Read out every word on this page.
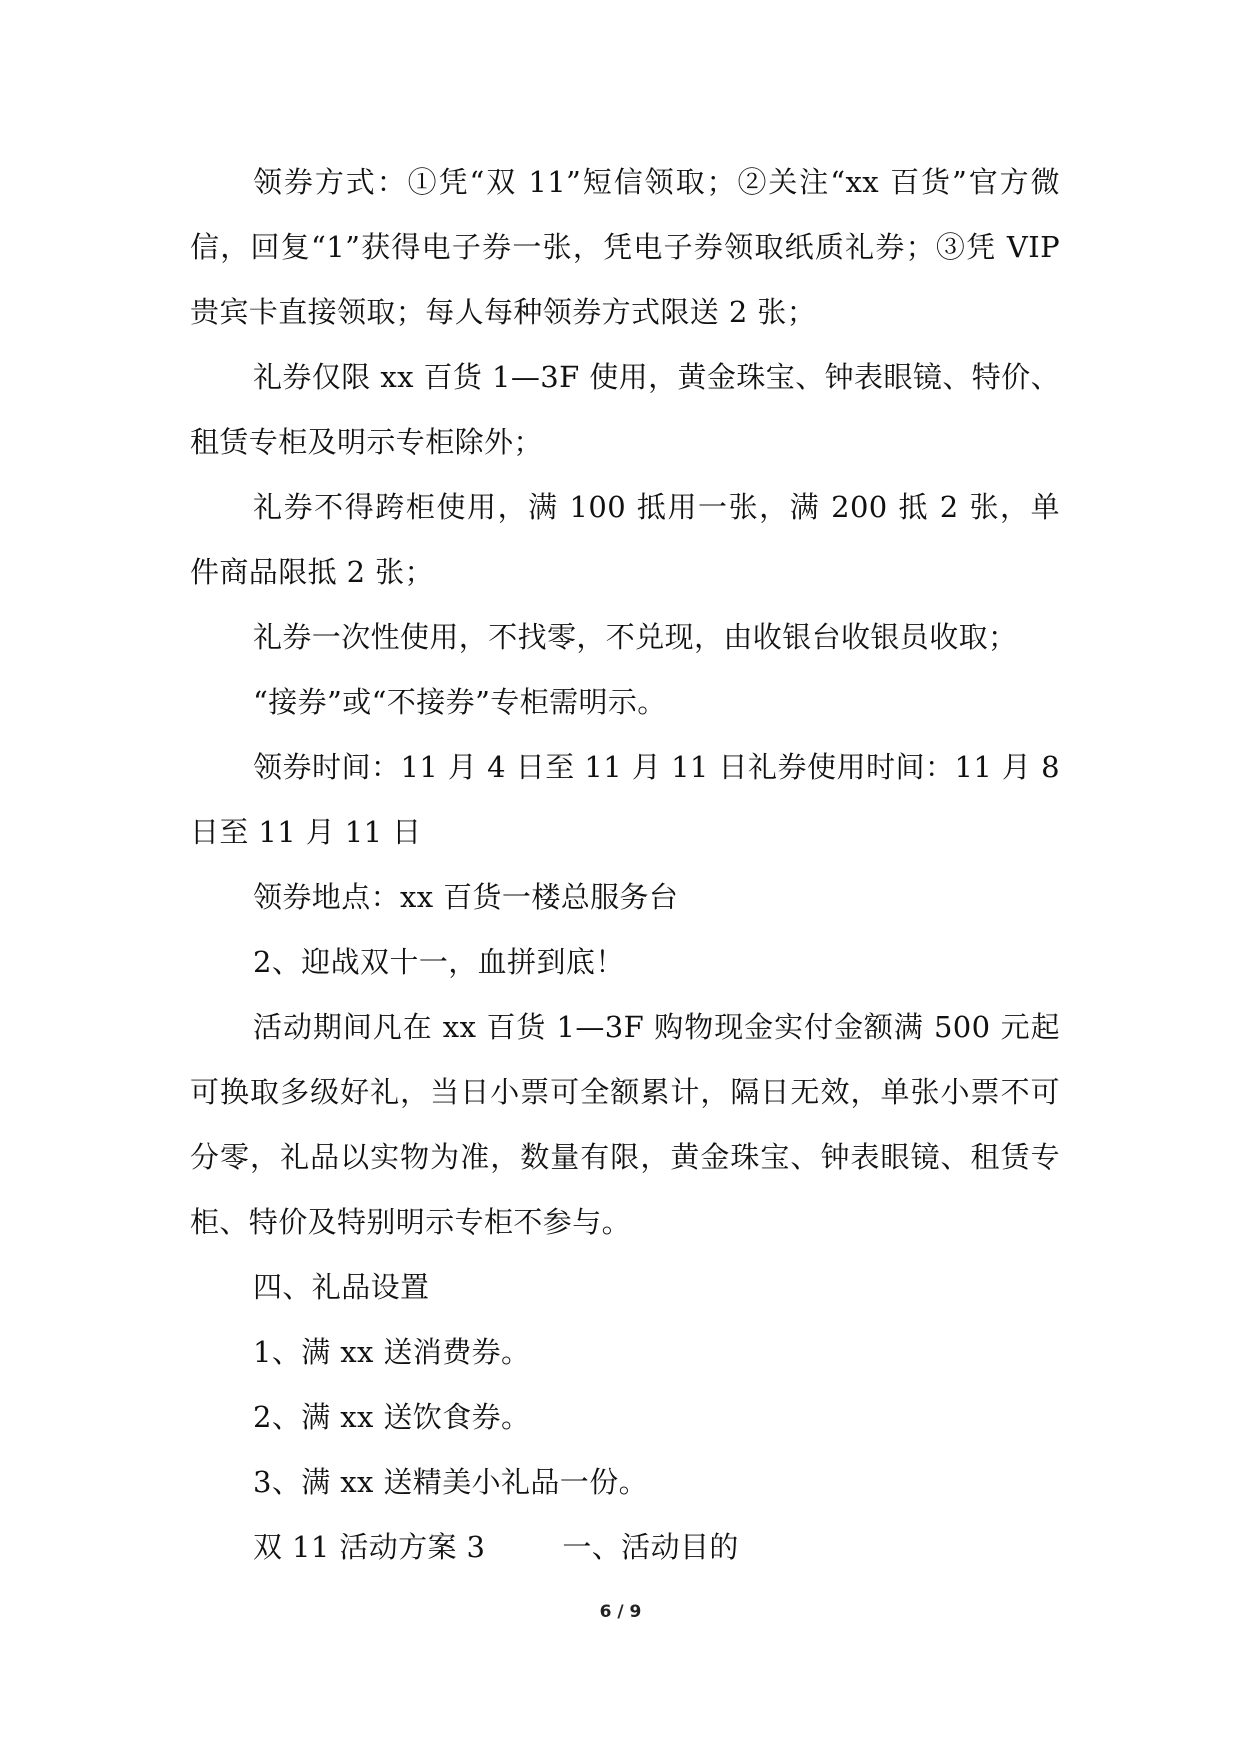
领券方式：①凭“双 11”短信领取；②关注“xx 百货”官方微信，回复“1”获得电子券一张，凭电子券领取纸质礼券；③凭 VIP 贵宾卡直接领取；每人每种领券方式限送 2 张；

礼券仅限 xx 百货 1—3F 使用，黄金珠宝、钟表眼镜、特价、租赁专柜及明示专柜除外；

礼券不得跨柜使用，满 100 抵用一张，满 200 抵 2 张，单件商品限抵 2 张；

礼券一次性使用，不找零，不兑现，由收银台收银员收取；

“接券”或“不接券”专柜需明示。

领券时间：11 月 4 日至 11 月 11 日礼券使用时间：11 月 8 日至 11 月 11 日

领券地点：xx 百货一楼总服务台

2、迎战双十一，血拼到底！

活动期间凡在 xx 百货 1—3F 购物现金实付金额满 500 元起可换取多级好礼，当日小票可全额累计，隔日无效，单张小票不可分零，礼品以实物为准，数量有限，黄金珠宝、钟表眼镜、租赁专柜、特价及特别明示专柜不参与。

四、礼品设置

1、满 xx 送消费券。

2、满 xx 送饮食券。

3、满 xx 送精美小礼品一份。

双 11 活动方案 3	一、活动目的

6 / 9
